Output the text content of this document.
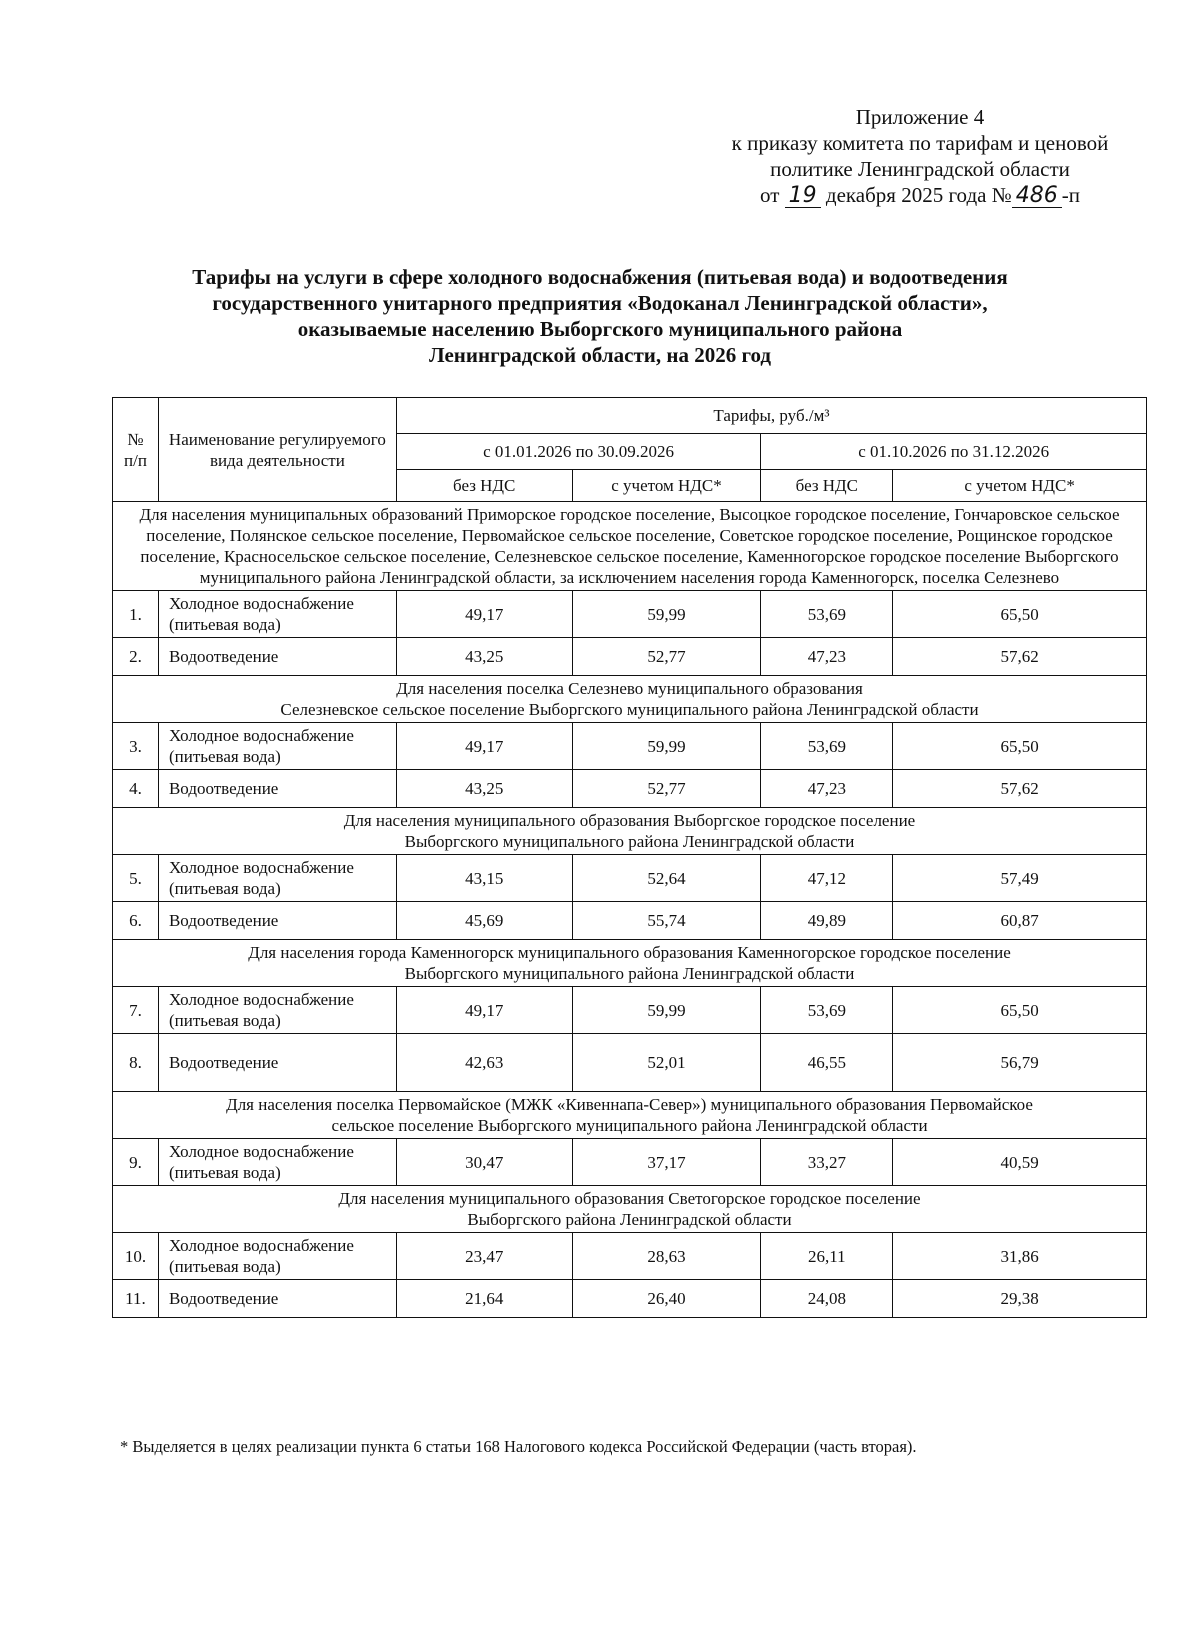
Приложение 4
к приказу комитета по тарифам и ценовой
политике Ленинградской области
от 19 декабря 2025 года № 486 -п
Тарифы на услуги в сфере холодного водоснабжения (питьевая вода) и водоотведения
государственного унитарного предприятия «Водоканал Ленинградской области»,
оказываемые населению Выборгского муниципального района
Ленинградской области, на 2026 год
№ п/п	Наименование регулируемого вида деятельности	Тарифы, руб./м³			
		с 01.01.2026 по 30.09.2026		с 01.10.2026 по 31.12.2026	
		без НДС	с учетом НДС*	без НДС	с учетом НДС*
Для населения муниципальных образований Приморское городское поселение, Высоцкое городское поселение, Гончаровское сельское поселение, Полянское сельское поселение, Первомайское сельское поселение, Советское городское поселение, Рощинское городское поселение, Красносельское сельское поселение, Селезневское сельское поселение, Каменногорское городское поселение Выборгского муниципального района Ленинградской области, за исключением населения города Каменногорск, поселка Селезнево					
1.	Холодное водоснабжение (питьевая вода)	49,17	59,99	53,69	65,50
2.	Водоотведение	43,25	52,77	47,23	57,62
Для населения поселка Селезнево муниципального образования
Селезневское сельское поселение Выборгского муниципального района Ленинградской области					
3.	Холодное водоснабжение (питьевая вода)	49,17	59,99	53,69	65,50
4.	Водоотведение	43,25	52,77	47,23	57,62
Для населения муниципального образования Выборгское городское поселение
Выборгского муниципального района Ленинградской области					
5.	Холодное водоснабжение (питьевая вода)	43,15	52,64	47,12	57,49
6.	Водоотведение	45,69	55,74	49,89	60,87
Для населения города Каменногорск муниципального образования Каменногорское городское поселение
Выборгского муниципального района Ленинградской области					
7.	Холодное водоснабжение (питьевая вода)	49,17	59,99	53,69	65,50
8.	Водоотведение	42,63	52,01	46,55	56,79
Для населения поселка Первомайское (МЖК «Кивеннапа-Север») муниципального образования Первомайское
сельское поселение Выборгского муниципального района Ленинградской области					
9.	Холодное водоснабжение (питьевая вода)	30,47	37,17	33,27	40,59
Для населения муниципального образования Светогорское городское поселение
Выборгского района Ленинградской области					
10.	Холодное водоснабжение (питьевая вода)	23,47	28,63	26,11	31,86
11.	Водоотведение	21,64	26,40	24,08	29,38
* Выделяется в целях реализации пункта 6 статьи 168 Налогового кодекса Российской Федерации (часть вторая).
